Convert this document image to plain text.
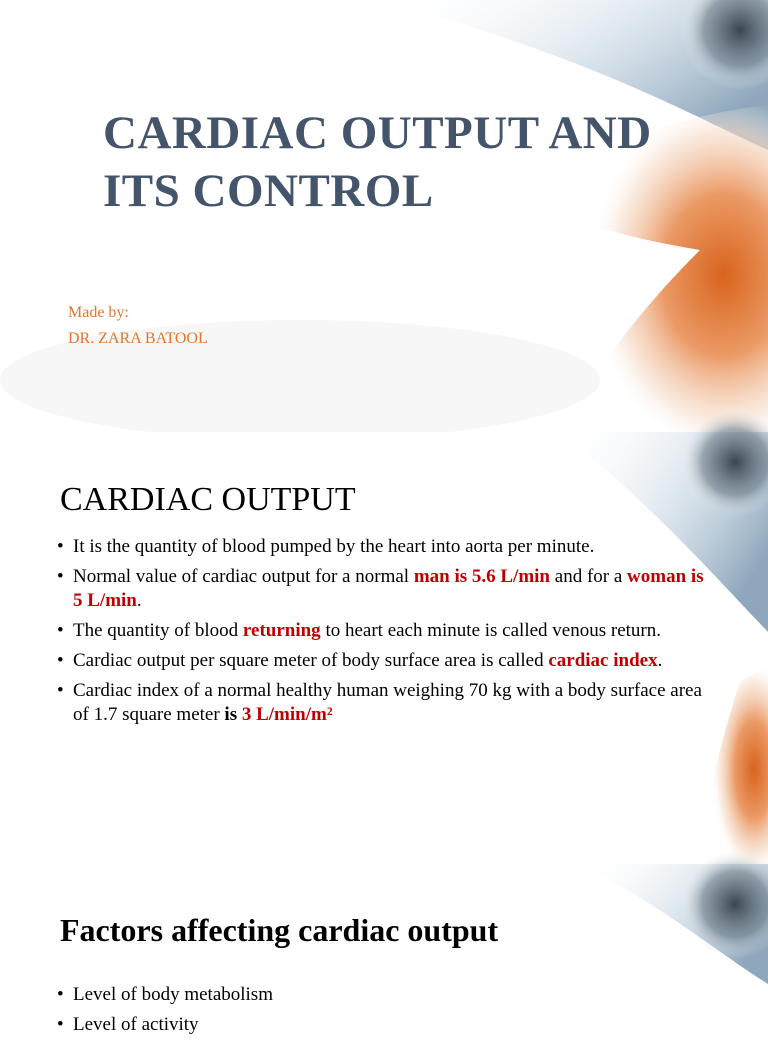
CARDIAC OUTPUT AND
ITS CONTROL
Made by:
DR. ZARA BATOOL
CARDIAC OUTPUT
• It is the quantity of blood pumped by the heart into aorta per minute.
• Normal value of cardiac output for a normal man is 5.6 L/min and for a woman is 5 L/min.
• The quantity of blood returning to heart each minute is called venous return.
• Cardiac output per square meter of body surface area is called cardiac index.
• Cardiac index of a normal healthy human weighing 70 kg with a body surface area of 1.7 square meter is 3 L/min/m²
Factors affecting cardiac output
• Level of body metabolism
• Level of activity
